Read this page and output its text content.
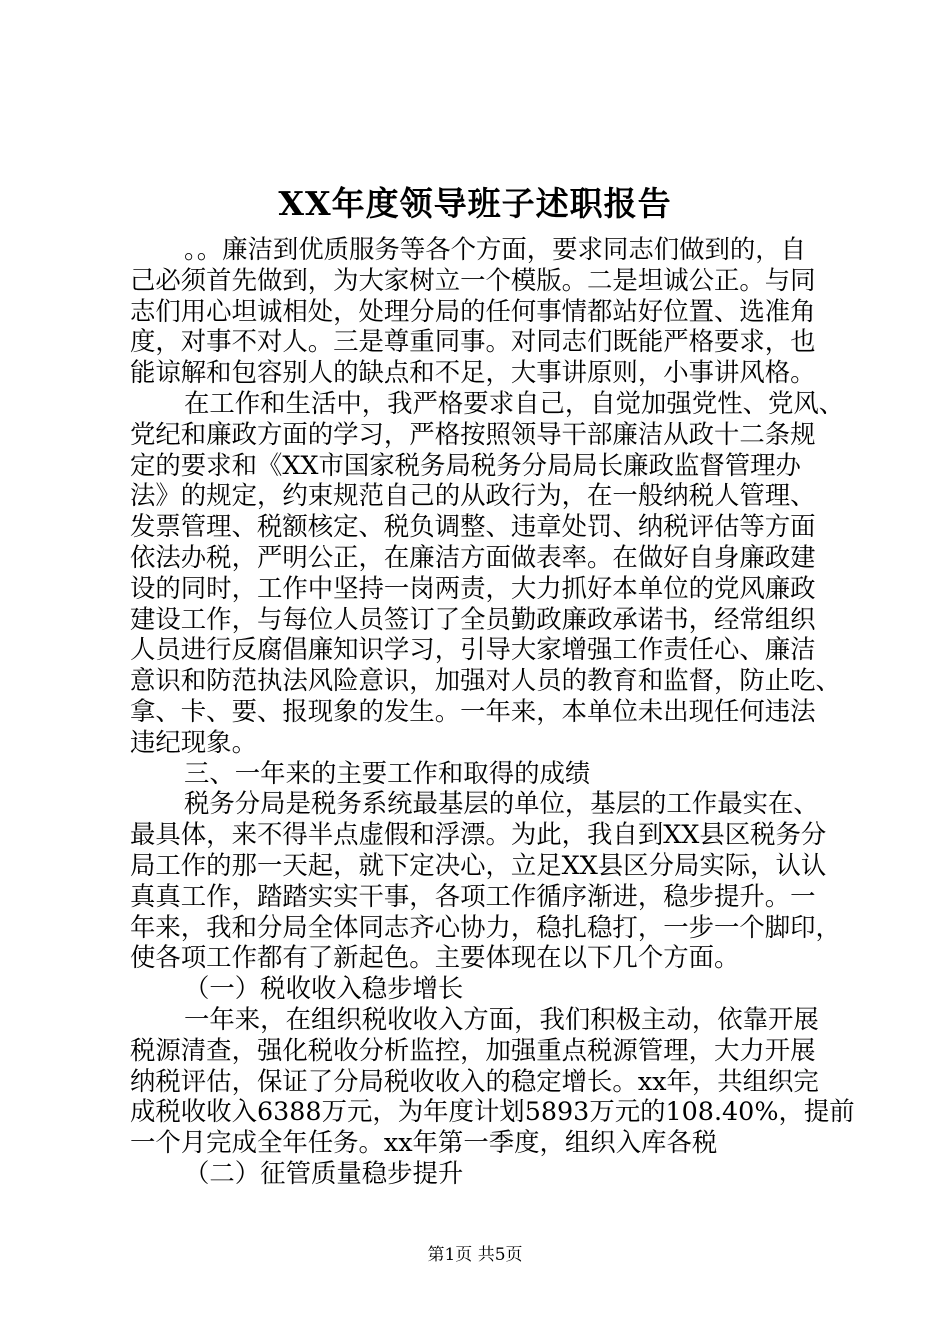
XX年度领导班子述职报告
。。廉洁到优质服务等各个方面，要求同志们做到的，自
己必须首先做到，为大家树立一个模版。二是坦诚公正。与同
志们用心坦诚相处，处理分局的任何事情都站好位置、选准角
度，对事不对人。三是尊重同事。对同志们既能严格要求，也
能谅解和包容别人的缺点和不足，大事讲原则，小事讲风格。
在工作和生活中，我严格要求自己，自觉加强党性、党风、
党纪和廉政方面的学习，严格按照领导干部廉洁从政十二条规
定的要求和《XX市国家税务局税务分局局长廉政监督管理办
法》的规定，约束规范自己的从政行为，在一般纳税人管理、
发票管理、税额核定、税负调整、违章处罚、纳税评估等方面
依法办税，严明公正，在廉洁方面做表率。在做好自身廉政建
设的同时，工作中坚持一岗两责，大力抓好本单位的党风廉政
建设工作，与每位人员签订了全员勤政廉政承诺书，经常组织
人员进行反腐倡廉知识学习，引导大家增强工作责任心、廉洁
意识和防范执法风险意识，加强对人员的教育和监督，防止吃、
拿、卡、要、报现象的发生。一年来，本单位未出现任何违法
违纪现象。
三、一年来的主要工作和取得的成绩
税务分局是税务系统最基层的单位，基层的工作最实在、
最具体，来不得半点虚假和浮漂。为此，我自到XX县区税务分
局工作的那一天起，就下定决心，立足XX县区分局实际，认认
真真工作，踏踏实实干事，各项工作循序渐进，稳步提升。一
年来，我和分局全体同志齐心协力，稳扎稳打，一步一个脚印，
使各项工作都有了新起色。主要体现在以下几个方面。
（一）税收收入稳步增长
一年来，在组织税收收入方面，我们积极主动，依靠开展
税源清查，强化税收分析监控，加强重点税源管理，大力开展
纳税评估，保证了分局税收收入的稳定增长。xx年，共组织完
成税收收入6388万元，为年度计划5893万元的108.40%，提前
一个月完成全年任务。xx年第一季度，组织入库各税
（二）征管质量稳步提升
第1页 共5页
